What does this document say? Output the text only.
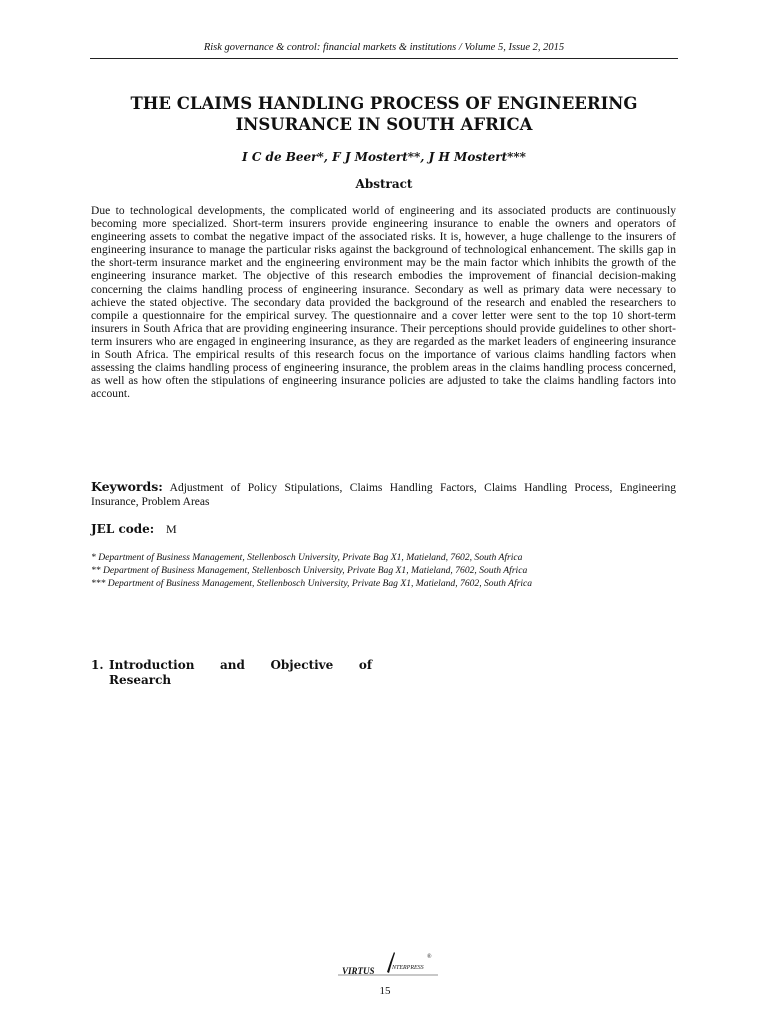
Risk governance & control: financial markets & institutions / Volume 5, Issue 2, 2015
THE CLAIMS HANDLING PROCESS OF ENGINEERING
INSURANCE IN SOUTH AFRICA
I C de Beer*, F J Mostert**, J H Mostert***
Abstract

Due to technological developments, the complicated world of engineering and its associated products are continuously becoming more specialized. Short-term insurers provide engineering insurance to enable the owners and operators of engineering assets to combat the negative impact of the associated risks. It is, however, a huge challenge to the insurers of engineering insurance to manage the particular risks against the background of technological enhancement. The skills gap in the short-term insurance market and the engineering environment may be the main factor which inhibits the growth of the engineering insurance market. The objective of this research embodies the improvement of financial decision-making concerning the claims handling process of engineering insurance. Secondary as well as primary data were necessary to achieve the stated objective. The secondary data provided the background of the research and enabled the researchers to compile a questionnaire for the empirical survey. The questionnaire and a cover letter were sent to the top 10 short-term insurers in South Africa that are providing engineering insurance. Their perceptions should provide guidelines to other short-term insurers who are engaged in engineering insurance, as they are regarded as the market leaders of engineering insurance in South Africa. The empirical results of this research focus on the importance of various claims handling factors when assessing the claims handling process of engineering insurance, the problem areas in the claims handling process concerned, as well as how often the stipulations of engineering insurance policies are adjusted to take the claims handling factors into account.

Keywords: Adjustment of Policy Stipulations, Claims Handling Factors, Claims Handling Process, Engineering Insurance, Problem Areas
JEL code: M
* Department of Business Management, Stellenbosch University, Private Bag X1, Matieland, 7602, South Africa
** Department of Business Management, Stellenbosch University, Private Bag X1, Matieland, 7602, South Africa
*** Department of Business Management, Stellenbosch University, Private Bag X1, Matieland, 7602, South Africa
1. Introduction and Objective of
Research
VIRTUS	NTERPRESS
®
15
